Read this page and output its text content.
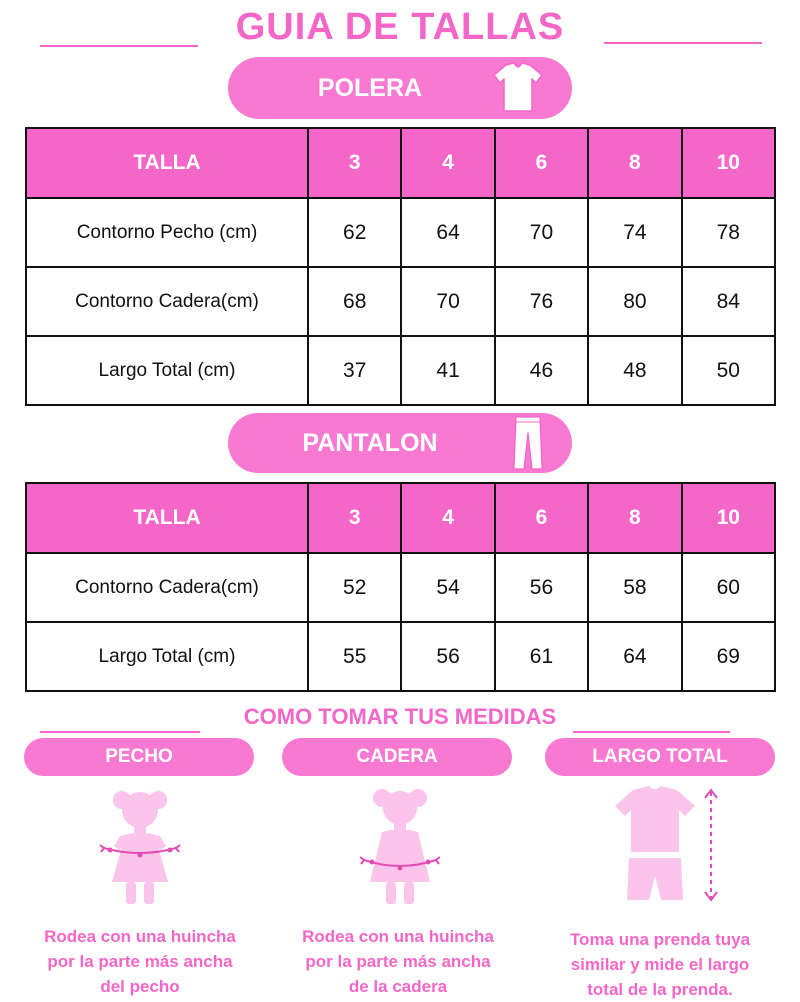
GUIA DE TALLAS
POLERA
TALLA	3	4	6	8	10
Contorno Pecho (cm)	62	64	70	74	78
Contorno Cadera(cm)	68	70	76	80	84
Largo Total (cm)	37	41	46	48	50
PANTALON
TALLA	3	4	6	8	10
Contorno Cadera(cm)	52	54	56	58	60
Largo Total (cm)	55	56	61	64	69
COMO TOMAR TUS MEDIDAS
PECHO	CADERA	LARGO TOTAL
Rodea con una huincha
por la parte más ancha
del pecho
Rodea con una huincha
por la parte más ancha
de la cadera
Toma una prenda tuya
similar y mide el largo
total de la prenda.
